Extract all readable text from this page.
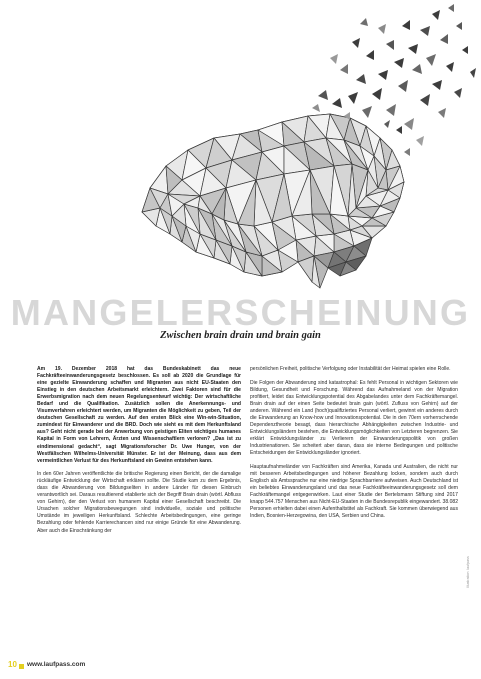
MANGELERSCHEINUNG
Zwischen brain drain und brain gain

Am 19. Dezember 2018 hat das Bundeskabinett das neue Fachkräfteeinwanderungsgesetz beschlossen. Es soll ab 2020 die Grundlage für eine gezielte Einwanderung schaffen und Migranten aus nicht EU-Staaten den Einstieg in den deutschen Arbeitsmarkt erleichtern. Zwei Faktoren sind für die Erwerbsmigration nach dem neuen Regelungsentwurf wichtig: Der wirtschaftliche Bedarf und die Qualifikation. Zusätzlich sollen die Anerkennungs- und Visumverfahren erleichtert werden, um Migranten die Möglichkeit zu geben, Teil der deutschen Gesellschaft zu werden. Auf den ersten Blick eine Win-win-Situation, zumindest für Einwanderer und die BRD. Doch wie sieht es mit dem Herkunftsland aus? Geht nicht gerade bei der Anwerbung von geistigen Eliten wichtiges humanes Kapital in Form von Lehrern, Ärzten und Wissenschaftlern verloren? „Das ist zu eindimensional gedacht“, sagt Migrationsforscher Dr. Uwe Hunger, von der Westfälischen Wilhelms-Universität Münster. Er ist der Meinung, dass aus dem vermeintlichen Verlust für des Herkunftsland ein Gewinn entstehen kann.

In den 60er Jahren veröffentlichte die britische Regierung einen Bericht, der die damalige rückläufige Entwicklung der Wirtschaft erklären sollte. Die Studie kam zu dem Ergebnis, dass die Abwanderung von Bildungseliten in andere Länder für diesen Einbruch verantwortlich sei. Daraus resultierend etablierte sich der Begriff Brain drain (wörtl. Abfluss von Gehirn), der den Verlust von humanem Kapital einer Gesellschaft beschreibt. Die Ursachen solcher Migrationsbewegungen sind individuelle, soziale und politische Umstände im jeweiligen Herkunftsland. Schlechte Arbeitsbedingungen, eine geringe Bezahlung oder fehlende Karrierechancen sind nur einige Gründe für eine Abwanderung. Aber auch die Einschränkung der

persönlichen Freiheit, politische Verfolgung oder Instabilität der Heimat spielen eine Rolle.

Die Folgen der Abwanderung sind katastrophal: Es fehlt Personal in wichtigen Sektoren wie Bildung, Gesundheit und Forschung. Während das Aufnahmeland von der Migration profitiert, leidet das Entwicklungspotential des Abgabelandes unter dem Fachkräftemangel. Brain drain auf der einen Seite bedeutet brain gain (wörtl. Zufluss von Gehirn) auf der anderen. Während ein Land (hoch)qualifiziertes Personal verliert, gewinnt ein anderes durch die Einwanderung an Know-how und Innovationspotential. Die in den 70ern vorherrschende Dependenztheorie besagt, dass hierarchische Abhängigkeiten zwischen Industrie- und Entwicklungsländern bestehen, die Entwicklungsmöglichkeiten von Letzteren begrenzen. Sie erklärt Entwicklungsländer zu Verlierern der Einwanderungspolitik von großen Industrienationen. Sie scheitert aber daran, dass sie interne Bedingungen und politische Entscheidungen der Entwicklungsländer ignoriert.

Hauptaufnahmeländer von Fachkräften sind Amerika, Kanada und Australien, die nicht nur mit besseren Arbeitsbedingungen und höherer Bezahlung locken, sondern auch durch Englisch als Amtssprache nur eine niedrige Sprachbarriere aufweisen. Auch Deutschland ist ein beliebtes Einwanderungsland und das neue Fachkräfteeinwanderungsgesetz soll dem Fachkräftemangel entgegenwirken. Laut einer Studie der Bertelsmann Stiftung sind 2017 knapp 544.757 Menschen aus Nicht-EU-Staaten in die Bundesrepublik eingewandert. 38.082 Personen erhielten dabei einen Aufenthaltstitel als Fachkraft. Sie kommen überwiegend aus Indien, Bosnien-Herzegowina, den USA, Serbien und China.

Illustration: laufpass
10 www.laufpass.com
